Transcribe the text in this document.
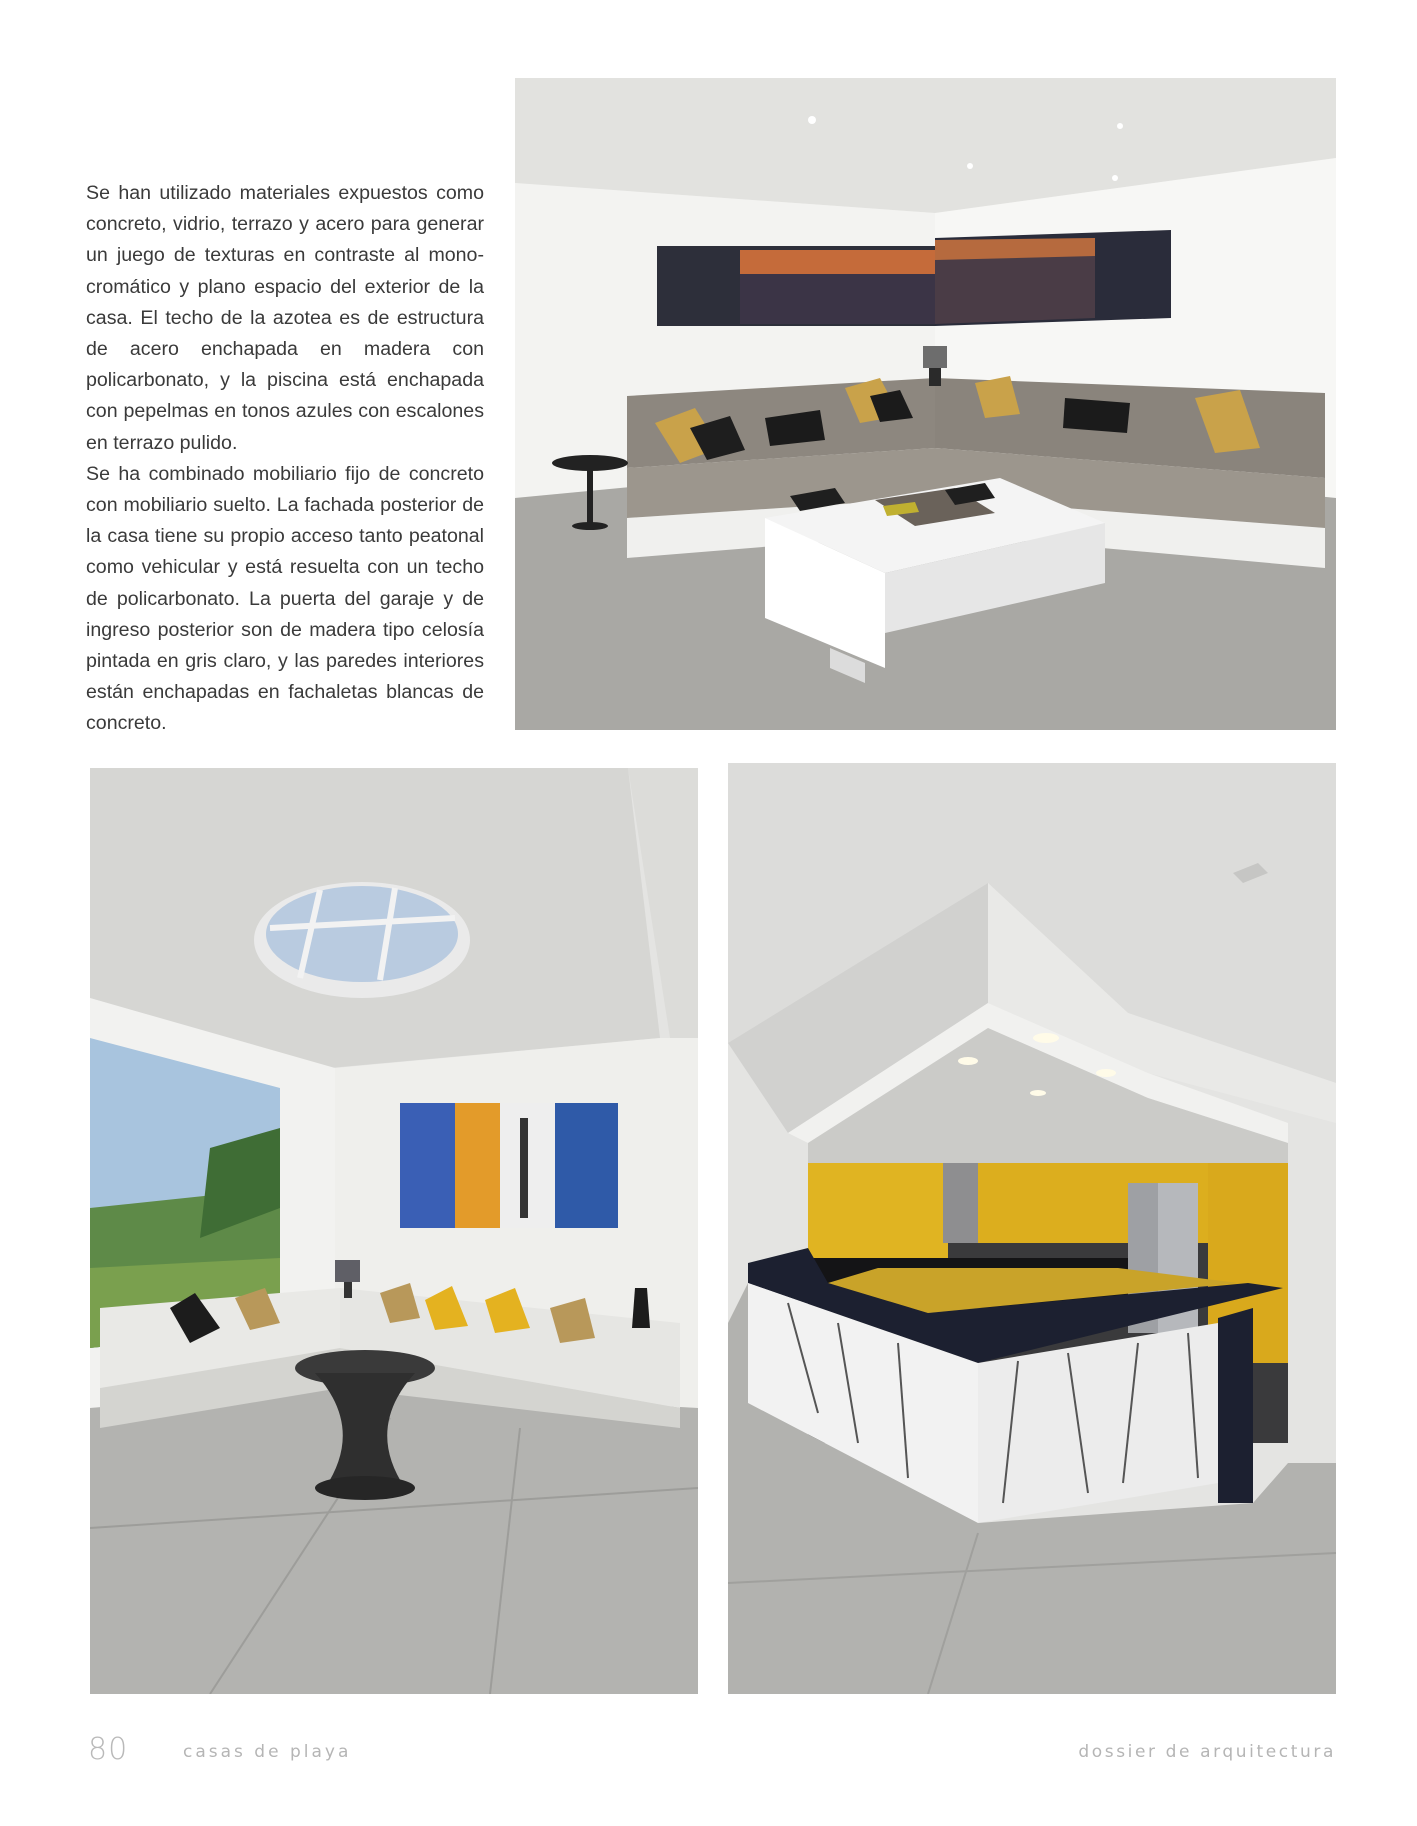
Se han utilizado materiales expuestos como concreto, vidrio, terrazo y acero para generar un juego de texturas en contraste al monocromático y plano espacio del exterior de la casa. El techo de la azotea es de estructura de acero enchapada en madera con policarbonato, y la piscina está enchapada con pepelmas en tonos azules con escalones en terrazo pulido.

Se ha combinado mobiliario fijo de concreto con mobiliario suelto. La fachada posterior de la casa tiene su propio acceso tanto peatonal como vehicular y está resuelta con un techo de policarbonato. La puerta del garaje y de ingreso posterior son de madera tipo celosía pintada en gris claro, y las paredes interiores están enchapadas en fachaletas blancas de concreto.

80	casas de playa	dossier de arquitectura
